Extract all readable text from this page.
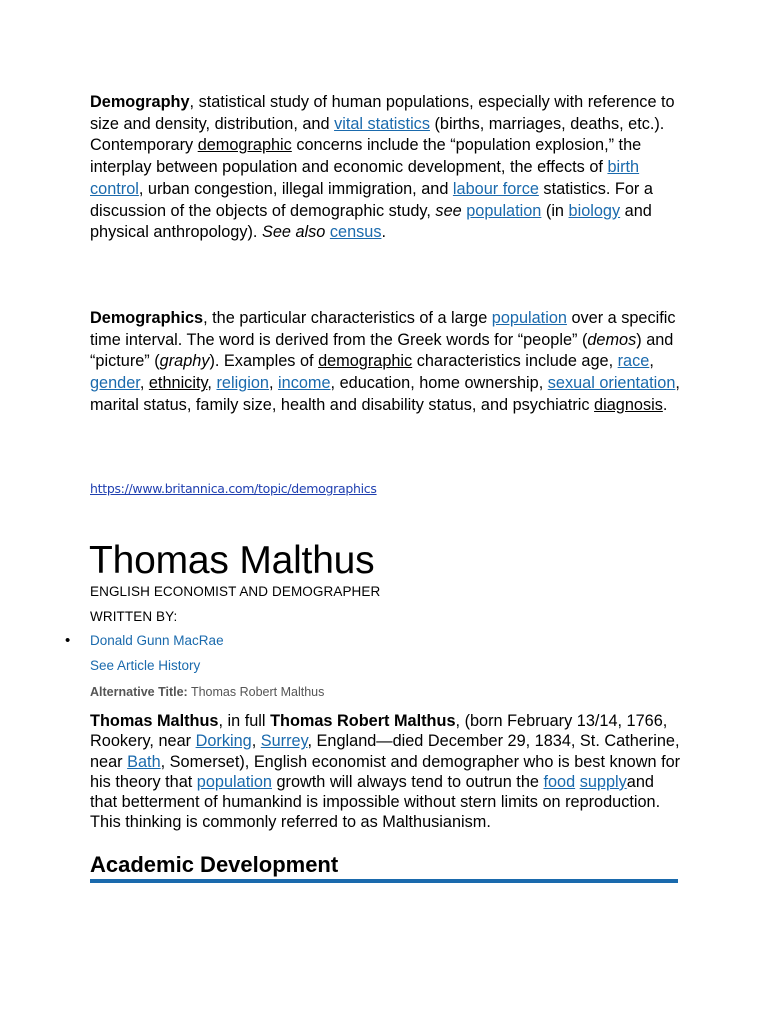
Demography, statistical study of human populations, especially with reference to size and density, distribution, and vital statistics (births, marriages, deaths, etc.). Contemporary demographic concerns include the “population explosion,” the interplay between population and economic development, the effects of birth control, urban congestion, illegal immigration, and labour force statistics. For a discussion of the objects of demographic study, see population (in biology and physical anthropology). See also census.

Demographics, the particular characteristics of a large population over a specific time interval. The word is derived from the Greek words for “people” (demos) and “picture” (graphy). Examples of demographic characteristics include age, race, gender, ethnicity, religion, income, education, home ownership, sexual orientation, marital status, family size, health and disability status, and psychiatric diagnosis.

https://www.britannica.com/topic/demographics
Thomas Malthus
ENGLISH ECONOMIST AND DEMOGRAPHER
WRITTEN BY:
• Donald Gunn MacRae
See Article History
Alternative Title: Thomas Robert Malthus

Thomas Malthus, in full Thomas Robert Malthus, (born February 13/14, 1766, Rookery, near Dorking, Surrey, England—died December 29, 1834, St. Catherine, near Bath, Somerset), English economist and demographer who is best known for his theory that population growth will always tend to outrun the food supplyand that betterment of humankind is impossible without stern limits on reproduction. This thinking is commonly referred to as Malthusianism.

Academic Development
